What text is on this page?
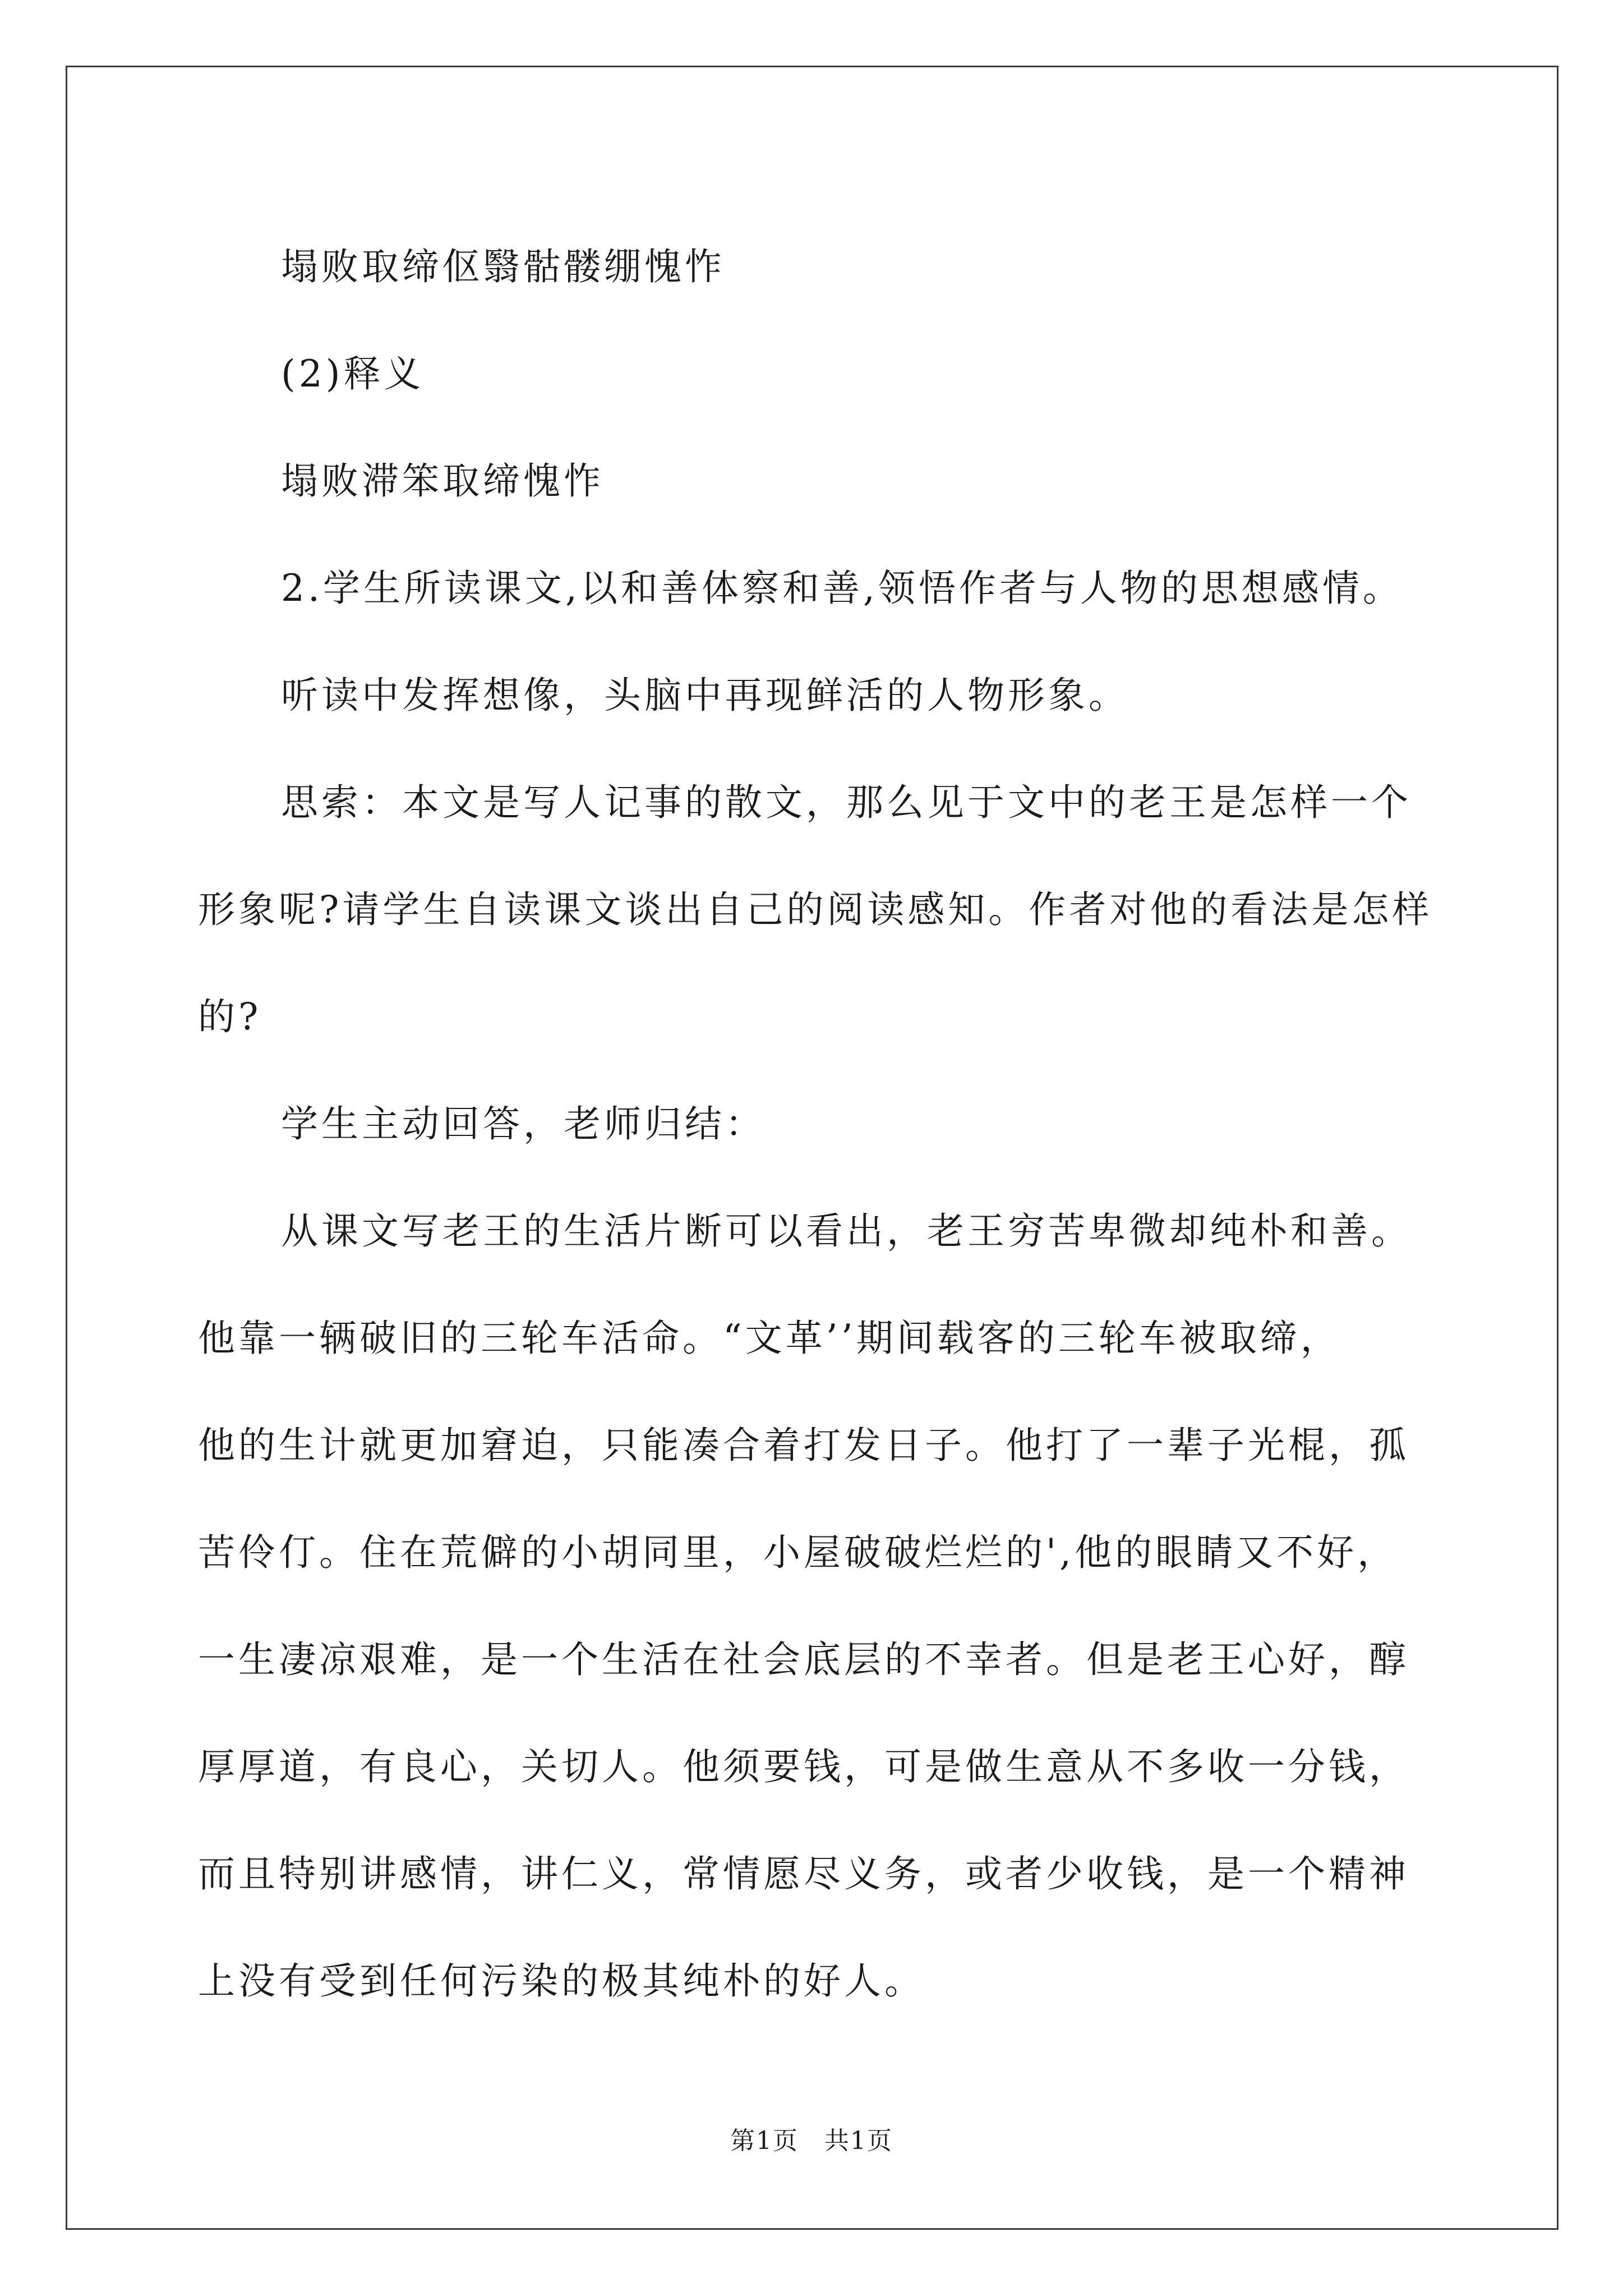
塌败取缔伛翳骷髅绷愧怍

(2)释义

塌败滞笨取缔愧怍

2.学生所读课文,以和善体察和善,领悟作者与人物的思想感情。

听读中发挥想像，头脑中再现鲜活的人物形象。

思索：本文是写人记事的散文，那么见于文中的老王是怎样一个

形象呢?请学生自读课文谈出自己的阅读感知。作者对他的看法是怎样

的?

学生主动回答，老师归结：

从课文写老王的生活片断可以看出，老王穷苦卑微却纯朴和善。

他靠一辆破旧的三轮车活命。“文革’’期间载客的三轮车被取缔，

他的生计就更加窘迫，只能凑合着打发日子。他打了一辈子光棍，孤

苦伶仃。住在荒僻的小胡同里，小屋破破烂烂的',他的眼睛又不好，

一生凄凉艰难，是一个生活在社会底层的不幸者。但是老王心好，醇

厚厚道，有良心，关切人。他须要钱，可是做生意从不多收一分钱，

而且特别讲感情，讲仁义，常情愿尽义务，或者少收钱，是一个精神

上没有受到任何污染的极其纯朴的好人。

第1页　共1页
